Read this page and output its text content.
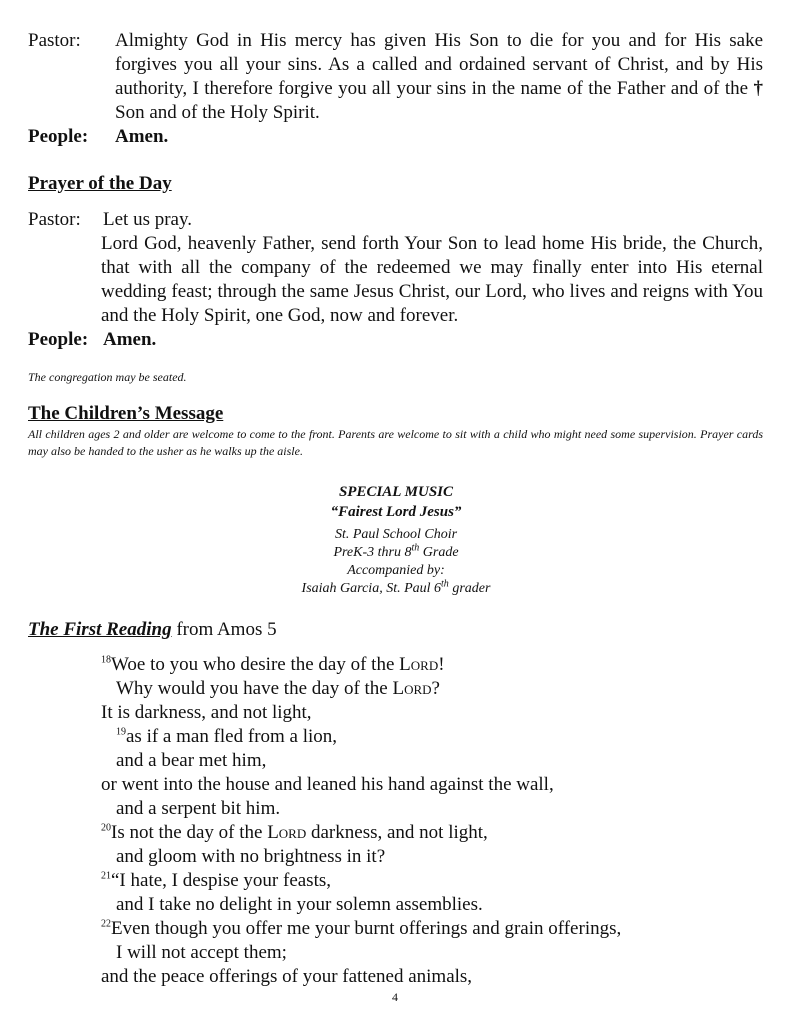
Pastor: Almighty God in His mercy has given His Son to die for you and for His sake forgives you all your sins. As a called and ordained servant of Christ, and by His authority, I therefore forgive you all your sins in the name of the Father and of the † Son and of the Holy Spirit.
People: Amen.
Prayer of the Day
Pastor: Let us pray.
Lord God, heavenly Father, send forth Your Son to lead home His bride, the Church, that with all the company of the redeemed we may finally enter into His eternal wedding feast; through the same Jesus Christ, our Lord, who lives and reigns with You and the Holy Spirit, one God, now and forever.
People: Amen.
The congregation may be seated.
The Children’s Message
All children ages 2 and older are welcome to come to the front. Parents are welcome to sit with a child who might need some supervision. Prayer cards may also be handed to the usher as he walks up the aisle.
SPECIAL MUSIC
“Fairest Lord Jesus”
St. Paul School Choir
PreK-3 thru 8th Grade
Accompanied by:
Isaiah Garcia, St. Paul 6th grader
The First Reading from Amos 5
$^{18}$Woe to you who desire the day of the Lord!
Why would you have the day of the Lord?
It is darkness, and not light,
$^{19}$as if a man fled from a lion,
and a bear met him,
or went into the house and leaned his hand against the wall,
and a serpent bit him.
$^{20}$Is not the day of the Lord darkness, and not light,
and gloom with no brightness in it?
$^{21}$“I hate, I despise your feasts,
and I take no delight in your solemn assemblies.
$^{22}$Even though you offer me your burnt offerings and grain offerings,
I will not accept them;
and the peace offerings of your fattened animals,
4
